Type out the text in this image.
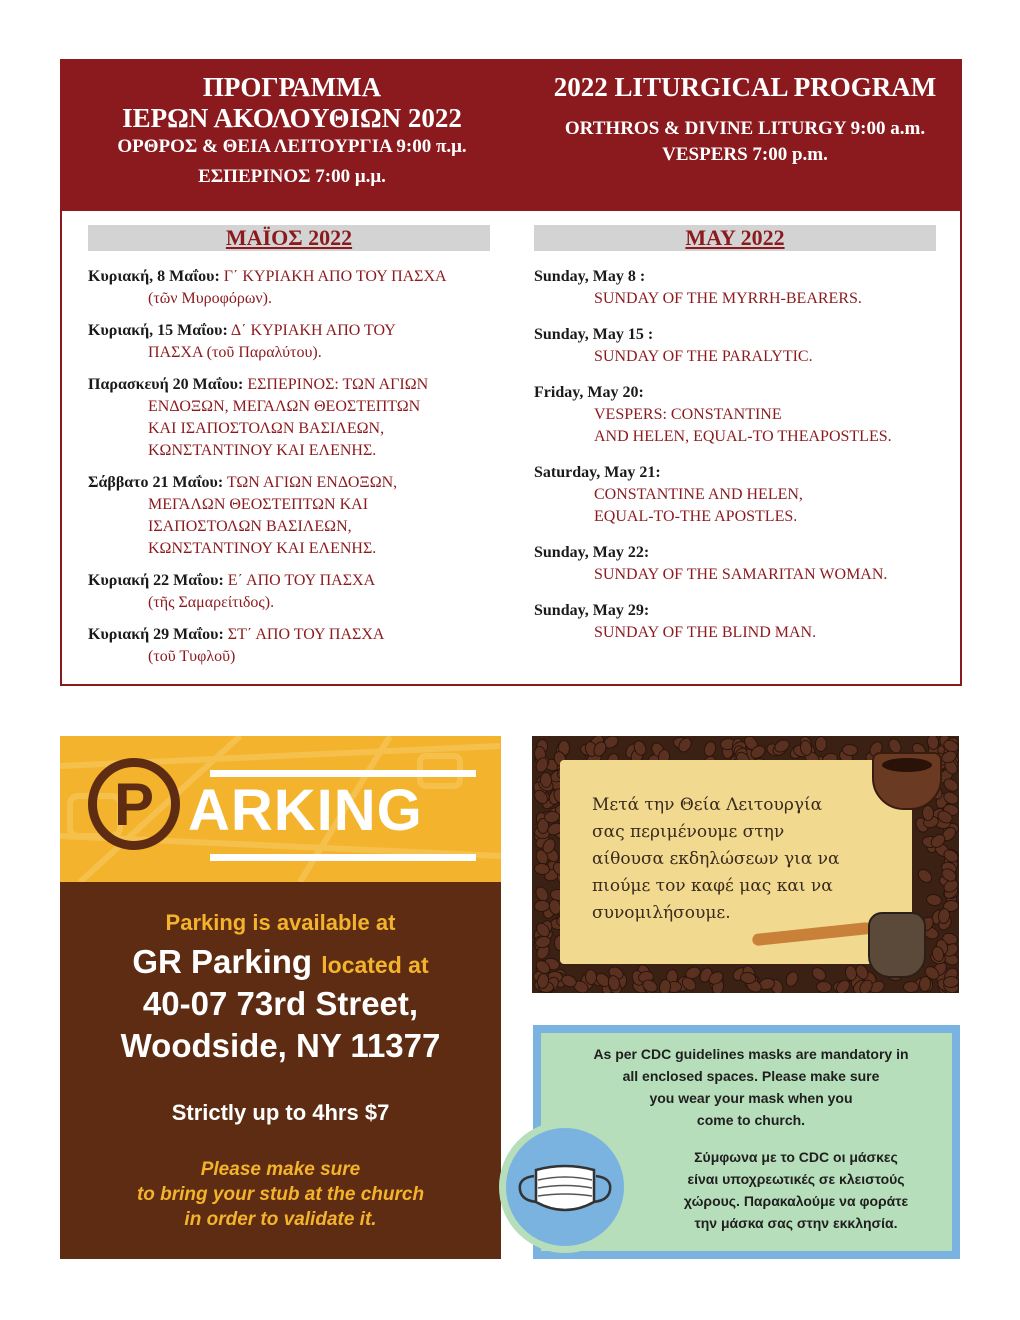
ΠΡΟΓΡΑΜΜΑ
ΙΕΡΩΝ ΑΚΟΛΟΥΘΙΩΝ 2022
ΟΡΘΡΟΣ & ΘΕΙΑ ΛΕΙΤΟΥΡΓΙΑ 9:00 π.μ.
ΕΣΠΕΡΙΝΟΣ 7:00 μ.μ.
2022 LITURGICAL PROGRAM
ORTHROS & DIVINE LITURGY 9:00 a.m.
VESPERS 7:00 p.m.
ΜΑΪΟΣ 2022	MAY 2022
Κυριακή, 8 Μαΐου: Γ΄ ΚΥΡΙΑΚΗ ΑΠΟ ΤΟΥ ΠΑΣΧΑ
(τῶν Μυροφόρων).
Κυριακή, 15 Μαΐου: Δ΄ ΚΥΡΙΑΚΗ ΑΠΟ ΤΟΥ
ΠΑΣΧΑ (τοῦ Παραλύτου).
Παρασκευή 20 Μαΐου: ΕΣΠΕΡΙΝΟΣ: ΤΩΝ ΑΓΙΩΝ
ΕΝΔΟΞΩΝ, ΜΕΓΑΛΩΝ ΘΕΟΣΤΕΠΤΩΝ
ΚΑΙ ΙΣΑΠΟΣΤΟΛΩΝ ΒΑΣΙΛΕΩΝ,
ΚΩΝΣΤΑΝΤΙΝΟΥ ΚΑΙ ΕΛΕΝΗΣ.
Σάββατο 21 Μαΐου: ΤΩΝ ΑΓΙΩΝ ΕΝΔΟΞΩΝ,
ΜΕΓΑΛΩΝ ΘΕΟΣΤΕΠΤΩΝ ΚΑΙ
ΙΣΑΠΟΣΤΟΛΩΝ ΒΑΣΙΛΕΩΝ,
ΚΩΝΣΤΑΝΤΙΝΟΥ ΚΑΙ ΕΛΕΝΗΣ.
Κυριακή 22 Μαΐου: Ε΄ ΑΠΟ ΤΟΥ ΠΑΣΧΑ
(τῆς Σαμαρείτιδος).
Κυριακή 29 Μαΐου: ΣΤ΄ ΑΠΟ ΤΟΥ ΠΑΣΧΑ
(τοῦ Τυφλοῦ)
Sunday, May 8 :
SUNDAY OF THE MYRRH-BEARERS.
Sunday, May 15 :
SUNDAY OF THE PARALYTIC.
Friday, May 20:
VESPERS: CONSTANTINE
AND HELEN, EQUAL-TO THEAPOSTLES.
Saturday, May 21:
CONSTANTINE AND HELEN,
EQUAL-TO-THE APOSTLES.
Sunday, May 22:
SUNDAY OF THE SAMARITAN WOMAN.
Sunday, May 29:
SUNDAY OF THE BLIND MAN.
P ARKING
Parking is available at
GR Parking located at
40-07 73rd Street,
Woodside, NY 11377
Strictly up to 4hrs $7
Please make sure
to bring your stub at the church
in order to validate it.
Μετά την Θεία Λειτουργία
σας περιμένουμε στην
αίθουσα εκδηλώσεων για να
πιούμε τον καφέ μας και να
συνομιλήσουμε.
As per CDC guidelines masks are mandatory in
all enclosed spaces. Please make sure
you wear your mask when you
come to church.
Σύμφωνα με το CDC οι μάσκες
είναι υποχρεωτικές σε κλειστούς
χώρους. Παρακαλούμε να φοράτε
την μάσκα σας στην εκκλησία.
